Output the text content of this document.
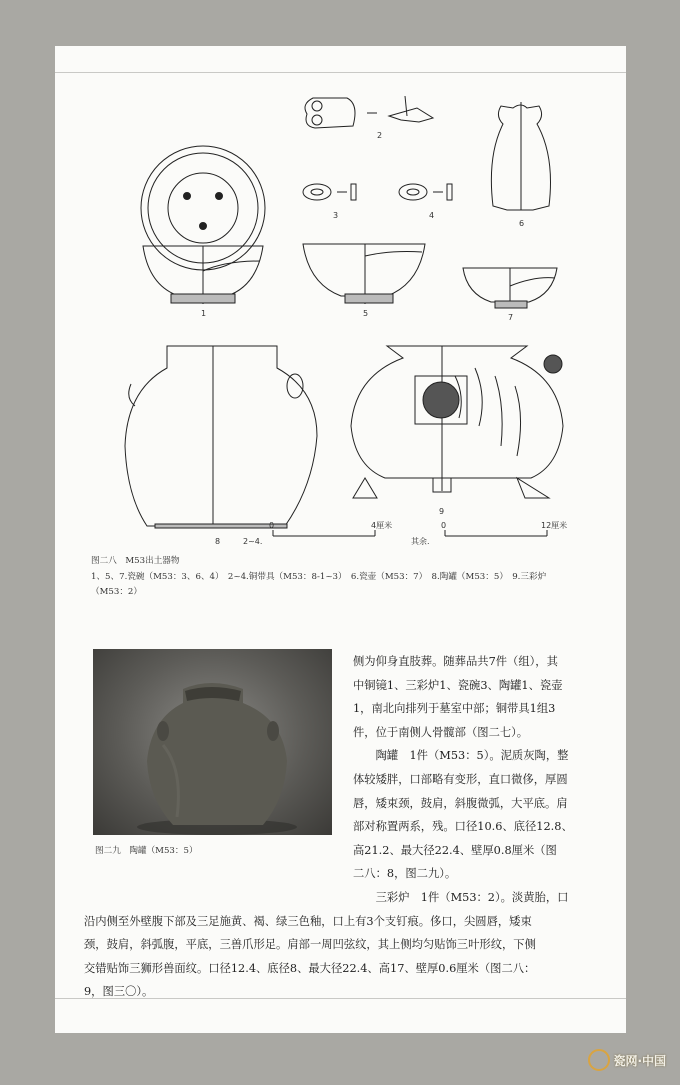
1
2
3	4
5
6
7
8
9
2~4.
0	4厘米
其余.
0	12厘米
图二八　M53出土器物
1、5、7.瓷碗（M53：3、6、4）　2~4.铜带具（M53：8-1~3）　6.瓷壶（M53：7）　8.陶罐（M53：5）　9.三彩炉
（M53：2）
图二九　陶罐（M53：5）
侧为仰身直肢葬。随葬品共7件（组），其
中铜镜1、三彩炉1、瓷碗3、陶罐1、瓷壶
1，南北向排列于墓室中部；铜带具1组3
件，位于南侧人骨髋部（图二七）。
　　陶罐　1件（M53：5）。泥质灰陶，整
体较矮胖，口部略有变形，直口微侈，厚圆
唇，矮束颈，鼓肩，斜腹微弧，大平底。肩
部对称置两系，残。口径10.6、底径12.8、
高21.2、最大径22.4、壁厚0.8厘米（图
二八：8，图二九）。
　　三彩炉　1件（M53：2）。淡黄胎，口
沿内侧至外壁腹下部及三足施黄、褐、绿三色釉，口上有3个支钉痕。侈口，尖圆唇，矮束
颈，鼓肩，斜弧腹，平底，三兽爪形足。肩部一周凹弦纹，其上侧均匀贴饰三叶形纹，下侧
交错贴饰三狮形兽面纹。口径12.4、底径8、最大径22.4、高17、壁厚0.6厘米（图二八：
9，图三〇）。
瓷网·中国
